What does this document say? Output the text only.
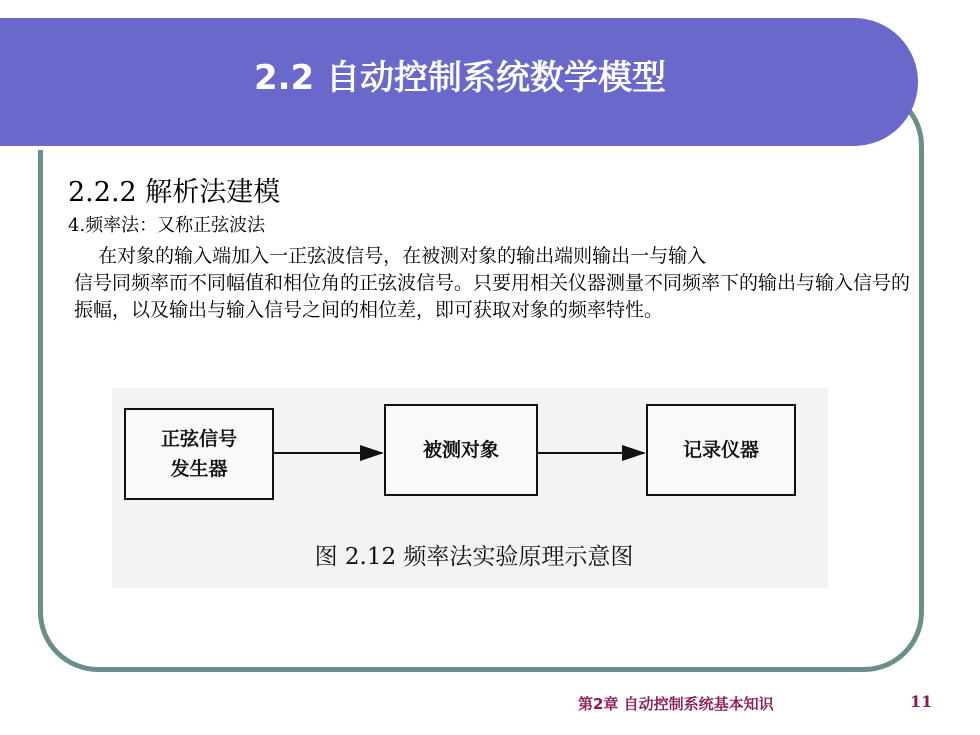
2.2 自动控制系统数学模型
2.2.2 解析法建模
4.频率法：又称正弦波法
在对象的输入端加入一正弦波信号，在被测对象的输出端则输出一与输入
信号同频率而不同幅值和相位角的正弦波信号。只要用相关仪器测量不同频率下的输出与输入信号的振幅，以及输出与输入信号之间的相位差，即可获取对象的频率特性。
正弦信号
发生器
被测对象	记录仪器
图 2.12 频率法实验原理示意图
第2章 自动控制系统基本知识	11
